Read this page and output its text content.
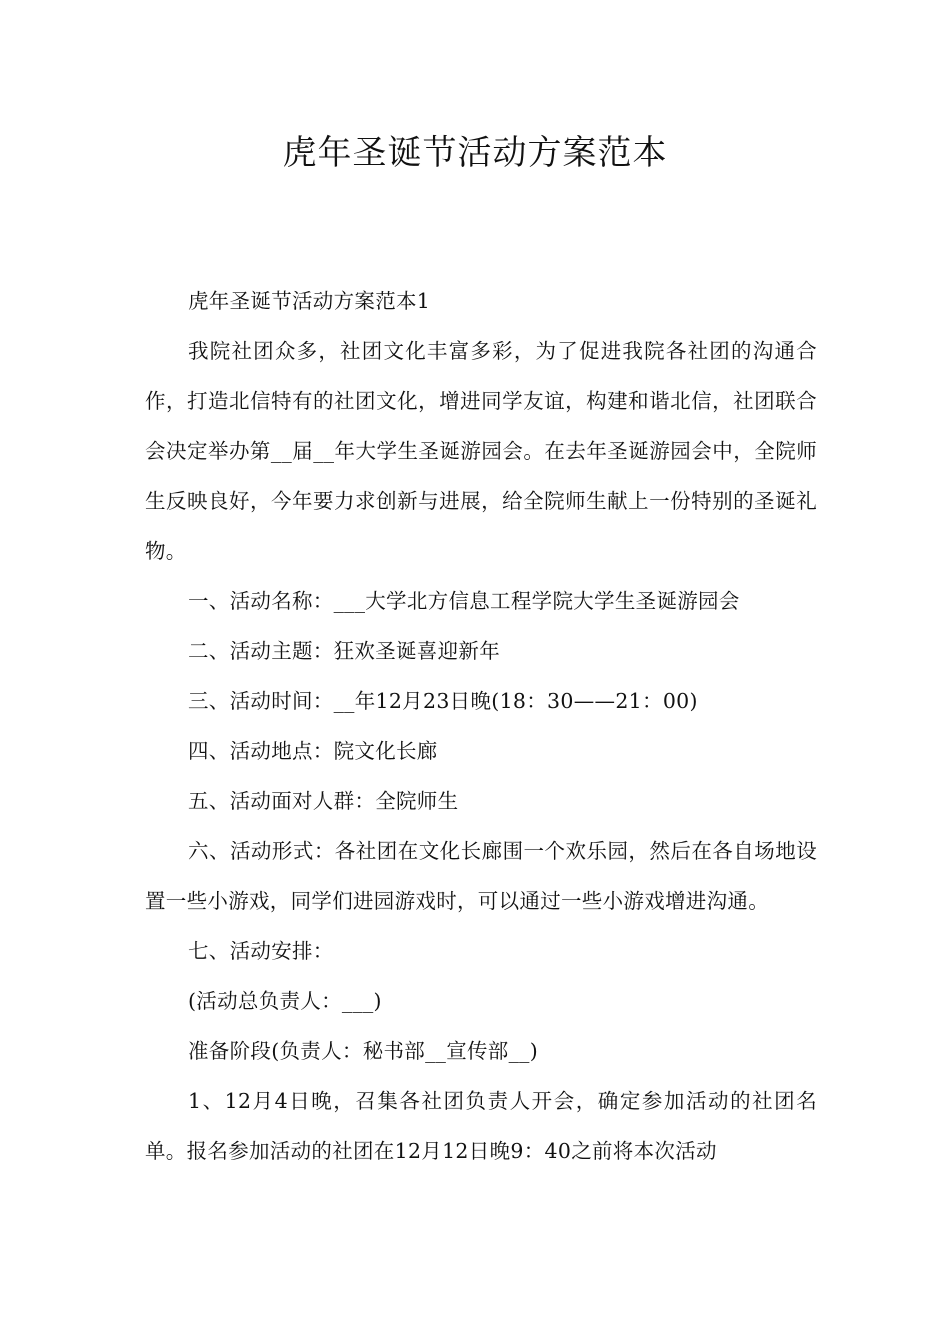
虎年圣诞节活动方案范本

虎年圣诞节活动方案范本1

我院社团众多，社团文化丰富多彩，为了促进我院各社团的沟通合作，打造北信特有的社团文化，增进同学友谊，构建和谐北信，社团联合会决定举办第__届__年大学生圣诞游园会。在去年圣诞游园会中，全院师生反映良好，今年要力求创新与进展，给全院师生献上一份特别的圣诞礼物。

一、活动名称：___大学北方信息工程学院大学生圣诞游园会

二、活动主题：狂欢圣诞喜迎新年

三、活动时间：__年12月23日晚(18：30——21：00)

四、活动地点：院文化长廊

五、活动面对人群：全院师生

六、活动形式：各社团在文化长廊围一个欢乐园，然后在各自场地设置一些小游戏，同学们进园游戏时，可以通过一些小游戏增进沟通。

七、活动安排：

(活动总负责人：___)

准备阶段(负责人：秘书部__宣传部__)

1、12月4日晚，召集各社团负责人开会，确定参加活动的社团名单。报名参加活动的社团在12月12日晚9：40之前将本次活动
